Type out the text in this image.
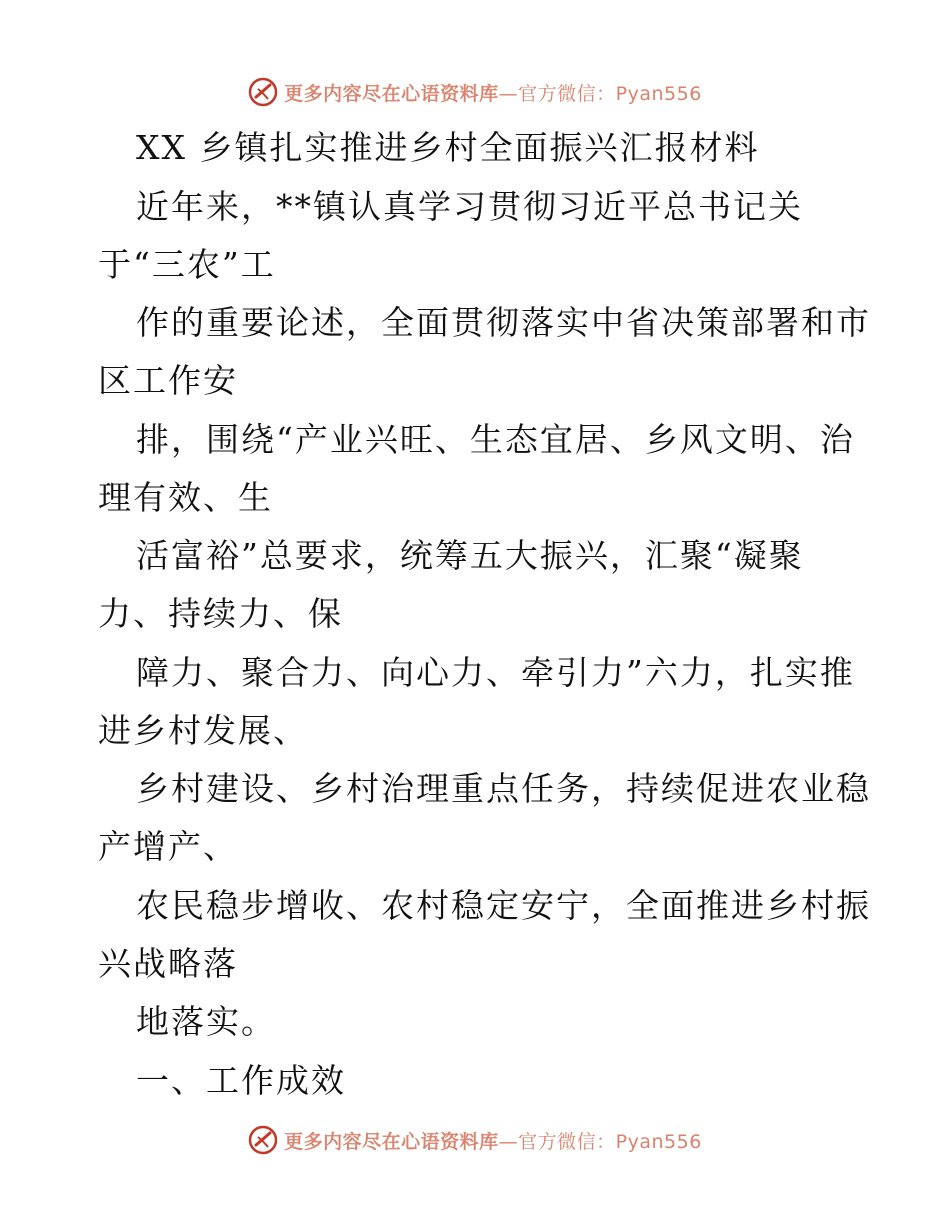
更多内容尽在心语资料库—官方微信：Pyan556
XX 乡镇扎实推进乡村全面振兴汇报材料
近年来，**镇认真学习贯彻习近平总书记关
于“三农”工
作的重要论述，全面贯彻落实中省决策部署和市
区工作安
排，围绕“产业兴旺、生态宜居、乡风文明、治
理有效、生
活富裕”总要求，统筹五大振兴，汇聚“凝聚
力、持续力、保
障力、聚合力、向心力、牵引力”六力，扎实推
进乡村发展、
乡村建设、乡村治理重点任务，持续促进农业稳
产增产、
农民稳步增收、农村稳定安宁，全面推进乡村振
兴战略落
地落实。
一、工作成效
更多内容尽在心语资料库—官方微信：Pyan556
